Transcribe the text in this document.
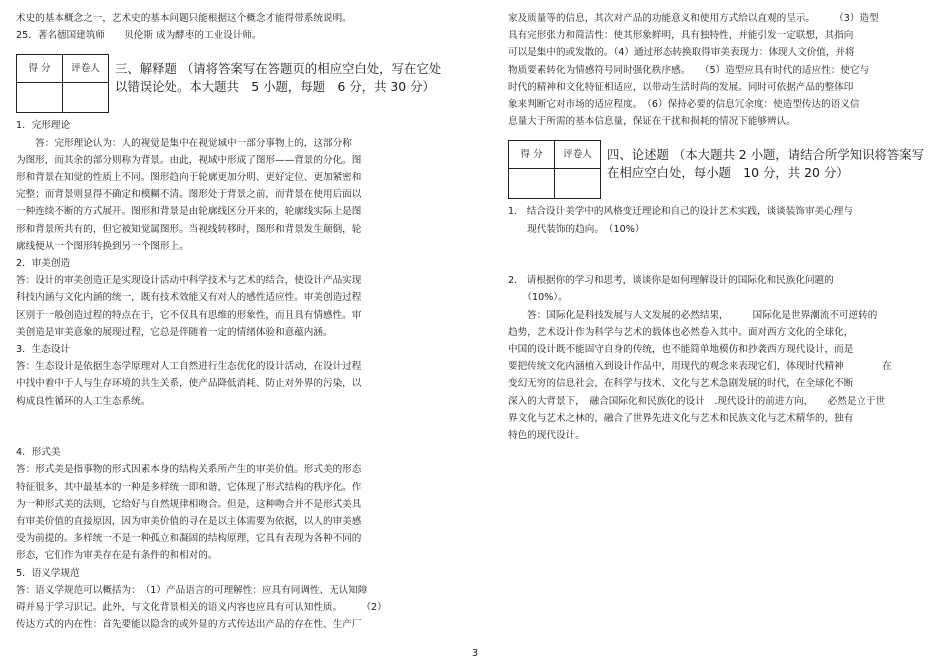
术史的基本概念之一，艺术史的基本问题只能根据这个概念才能得带系统说明。
25．著名德国建筑师　　贝伦斯 成为酵枣的工业设计师。
得 分	评卷人
	三、解释题 （请将答案写在答题页的相应空白处，写在它处以错误论处。本大题共　5 小题，每题　6 分，共 30 分）
1．完形理论
　　答：完形理论认为：人的视觉是集中在视觉域中一部分事物上的，这部分称
为图形，而其余的部分则称为背景。由此，视域中形成了图形——背景的分化。图
形和背景在知觉的性质上不同。图形趋向于轮廓更加分明、更好定位、更加紧密和
完整；而背景则显得不确定和模糊不清。图形处于背景之前，而背景在使用后面以
一种连续不断的方式展开。图形和背景是由轮廓线区分开来的，轮廓线实际上是图
形和背景所共有的，但它被知觉属图形。当视线转移时，图形和背景发生颠倒，轮
廓线便从一个图形转换到另一个图形上。
2．审美创造
答：设计的审美创造正是实现设计活动中科学技术与艺术的结合，使设计产品实现
科技内涵与文化内涵的统一，既有技术效能又有对人的感性适应性。审美创造过程
区别于一般创造过程的特点在于，它不仅具有思维的形象性，而且具有情感性。审
美创造是审美意象的展现过程，它总是伴随着一定的情绪体验和意蕴内涵。
3．生态设计
答：生态设计是依据生态学原理对人工自然进行生态优化的设计活动，在设计过程
中找中着中于人与生存环境的共生关系，使产品降低消耗、防止对外界的污染，以
构成良性循环的人工生态系统。
4．形式美
答：形式美是指事物的形式因素本身的结构关系所产生的审美价值。形式美的形态
特征很多，其中最基本的一种是多样统一即和谐，它体现了形式结构的秩序化。作
为一种形式美的法则，它给好与自然规律相吻合。但是，这种吻合并不是形式美具
有审美价值的直接原因，因为审美价值的寻在是以主体需要为依据，以人的审美感
受为前提的。多样统一不是一种孤立和凝固的结构原理，它具有表现为各种不同的
形态，它们作为审美存在是有条件的和相对的。
5．语义学规范
答：语义学规范可以概括为：　（1）产品语言的可理解性：应具有同调性、无认知障
碍并易于学习识记。此外，与文化背景相关的语义内容也应具有可认知性质。　　　（2）
传达方式的内在性：首先要能以隐含的或外显的方式传达出产品的存在性、生产厂
家及质量等的信息，其次对产品的功能意义和使用方式给以直观的呈示。　　　（3）造型
具有完形张力和简洁性：使其形象鲜明，具有独特性，并能引发一定联想，其指向
可以是集中的或发散的。（4）通过形态转换取得审美表现力：体现人文价值，并将
物质要素转化为情感符号同时强化秩序感。　　（5）造型应具有时代的适应性：使它与
时代的精神和文化特征相适应，以带动生活时尚的发展。同时可依据产品的整体印
象来判断它对市场的适应程度。　（6）保持必要的信息冗余度：使造型传达的语义信
息量大于所需的基本信息量，保证在干扰和损耗的情况下能够辨认。
得 分	评卷人
	四、论述题 （本大题共 2 小题，请结合所学知识将答案写在相应空白处，每小题　10 分，共 20 分）
1.　结合设计美学中的风格变迁理论和自己的设计艺术实践，谈谈装饰审美心理与
　　现代装饰的趋向。　（10%）
2.　请根据你的学习和思考，谈谈你是如何理解设计的国际化和民族化问题的
　　（10%）。
　　答：国际化是科技发展与人文发展的必然结果，　　　国际化是世界潮流不可逆转的
趋势，艺术设计作为科学与艺术的载体也必然卷入其中。面对西方文化的全球化，
中国的设计既不能固守自身的传统，也不能简单地模仿和抄袭西方现代设计，而是
要把传统文化内涵植入到设计作品中，用现代的观念来表现它们，体现时代精神　　　　在
变幻无穷的信息社会，在科学与技术、文化与艺术急剧发展的时代，在全球化不断
深入的大背景下，　融合国际化和民族化的设计　.现代设计的前进方向，　　必然是立于世
界文化与艺术之林的，融合了世界先进文化与艺术和民族文化与艺术精华的，独有
特色的现代设计。
3
